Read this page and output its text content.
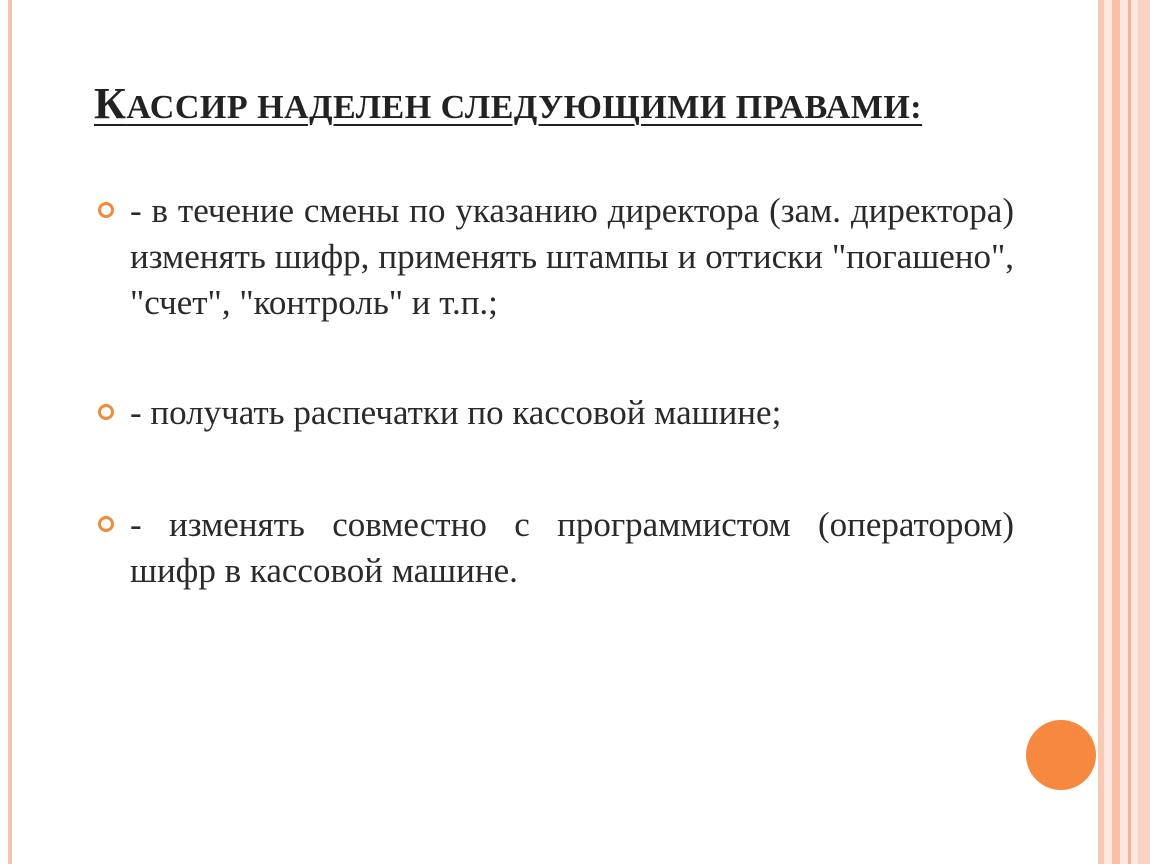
КАССИР НАДЕЛЕН СЛЕДУЮЩИМИ ПРАВАМИ:
- в течение смены по указанию директора (зам. директора) изменять шифр, применять штампы и оттиски "погашено", "счет", "контроль" и т.п.;
- получать распечатки по кассовой машине;
- изменять совместно с программистом (оператором) шифр в кассовой машине.
